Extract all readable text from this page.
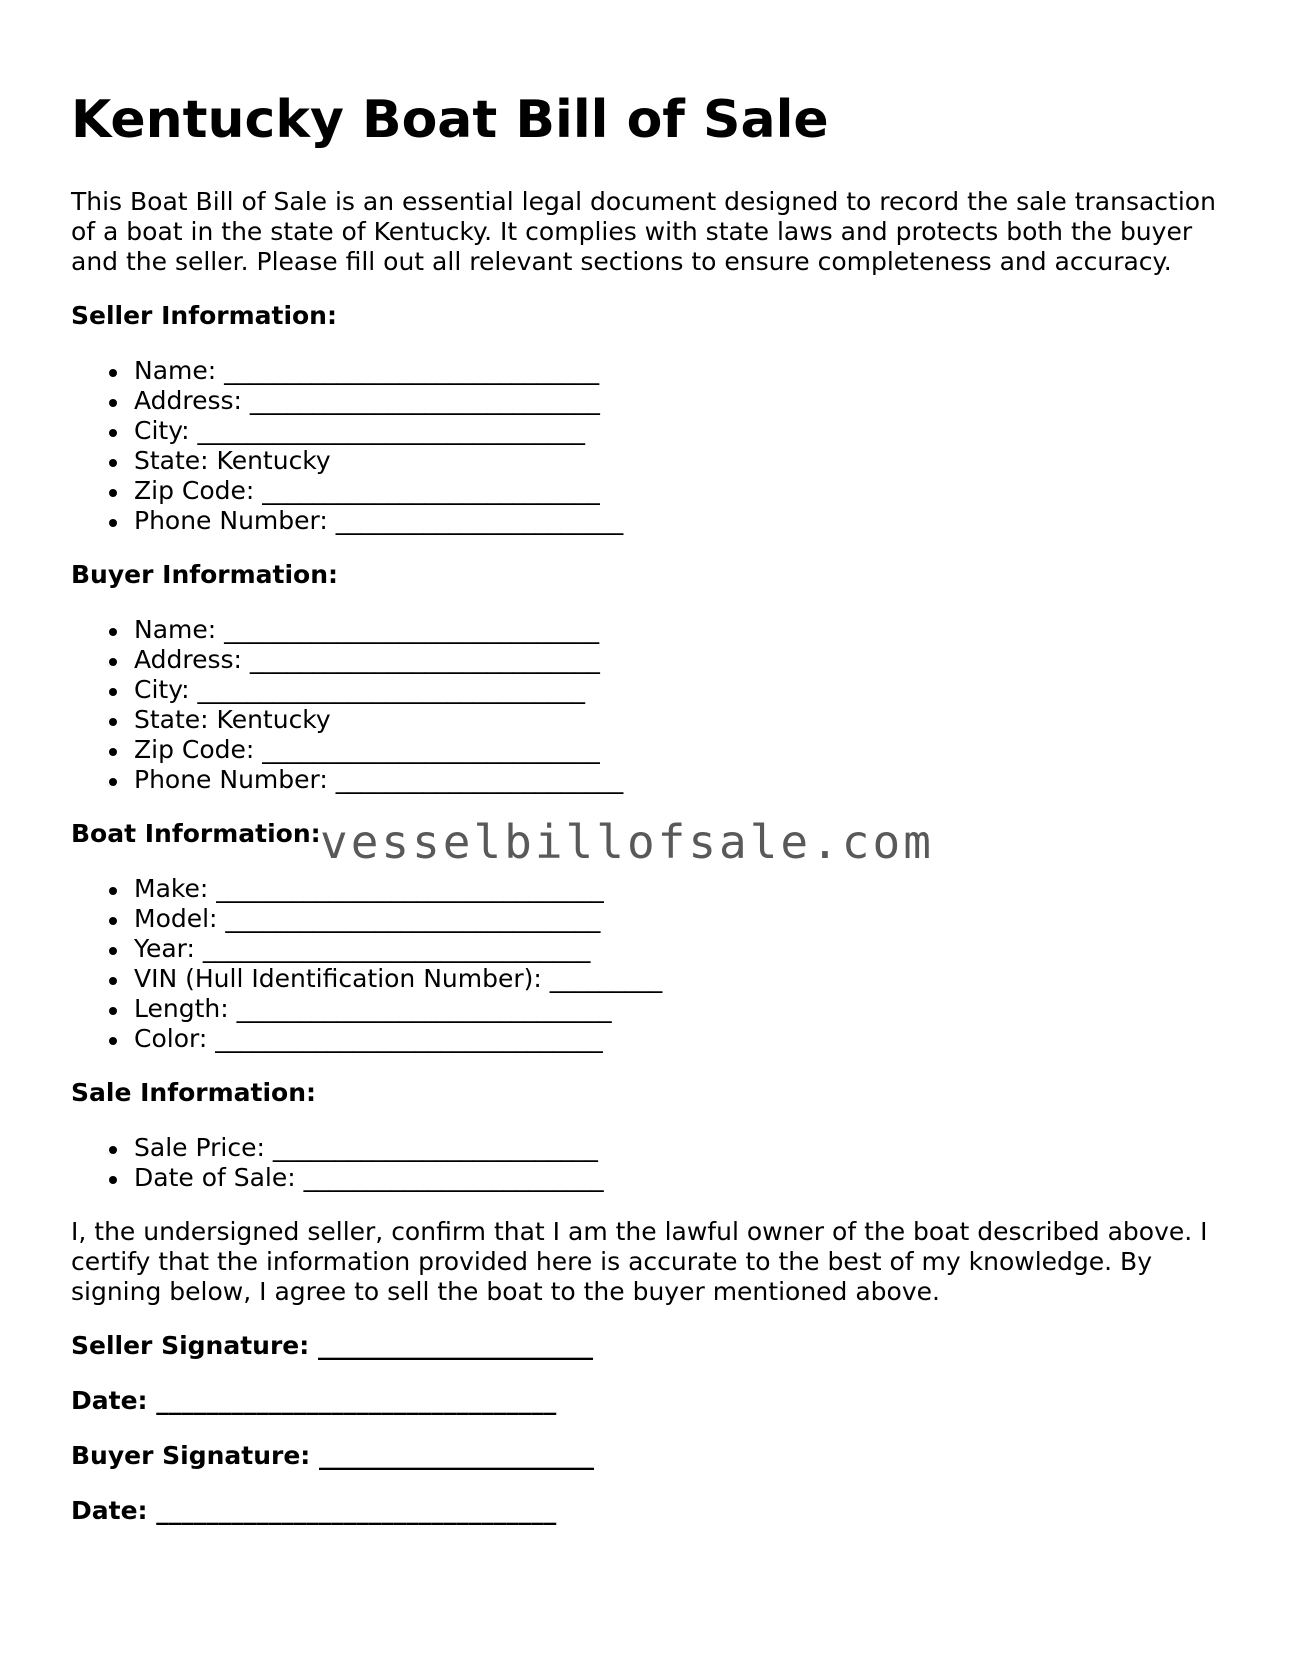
Kentucky Boat Bill of Sale

This Boat Bill of Sale is an essential legal document designed to record the sale transaction of a boat in the state of Kentucky. It complies with state laws and protects both the buyer and the seller. Please fill out all relevant sections to ensure completeness and accuracy.

Seller Information:
Name: ______________________________
Address: ____________________________
City: _______________________________
State: Kentucky
Zip Code: ___________________________
Phone Number: _______________________
Buyer Information:
Name: ______________________________
Address: ____________________________
City: _______________________________
State: Kentucky
Zip Code: ___________________________
Phone Number: _______________________
Boat Information:
Make: _______________________________
Model: ______________________________
Year: _______________________________
VIN (Hull Identification Number): _________
Length: ______________________________
Color: _______________________________
Sale Information:
Sale Price: __________________________
Date of Sale: ________________________

I, the undersigned seller, confirm that I am the lawful owner of the boat described above. I certify that the information provided here is accurate to the best of my knowledge. By signing below, I agree to sell the boat to the buyer mentioned above.

Seller Signature: ______________________

Date: ________________________________

Buyer Signature: ______________________

Date: ________________________________

vesselbillofsale.com
